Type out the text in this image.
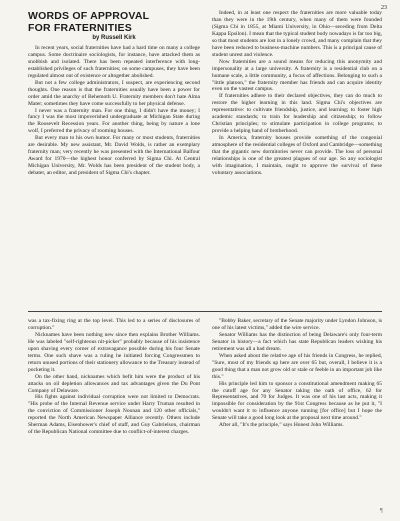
23
WORDS OF APPROVAL
FOR FRATERNITIES
by Russell Kirk

In recent years, social fraternities have had a hard time on many a college campus. Some doctrinaire sociologists, for instance, have attacked them as snobbish and isolated. There has been repeated interference with long-established privileges of such fraternities; on some campuses, they have been regulated almost out of existence or altogether abolished.

But not a few college administrators, I suspect, are experiencing second thoughts. One reason is that the fraternities usually have been a power for order amid the anarchy of Behemoth U. Fraternity members don't hate Alma Mater; sometimes they have come successfully to her physical defense.

I never was a fraternity man. For one thing, I didn't have the money; I fancy I was the most impoverished undergraduate at Michigan State during the Roosevelt Recession years. For another thing, being by nature a lone wolf, I preferred the privacy of rooming houses.

But every man to his own humor. For many or most students, fraternities are desirable. My new assistant, Mr. David Wolds, is rather an exemplary fraternity man; very recently he was presented with the International Balfour Award for 1970—the highest honor conferred by Sigma Chi. At Central Michigan University, Mr. Wolds has been president of the student body, a debater, an editor, and president of Sigma Chi's chapter.

Indeed, in at least one respect the fraternities are more valuable today than they were in the 19th century, when many of them were founded (Sigma Chi in 1855, at Miami University, in Ohio—seceding from Delta Kappa Epsilon). I mean that the typical student body nowadays is far too big, so that most students are lost in a lonely crowd, and many complain that they have been reduced to business-machine numbers. This is a principal cause of student unrest and violence.

Now fraternities are a sound means for reducing this anonymity and impersonality at a large university. A fraternity is a residential club on a humane scale, a little community, a focus of affections. Belonging to such a "little platoon," the fraternity member has friends and can acquire identity even on the vastest campus.

If fraternities adhere to their declared objectives, they can do much to restore the higher learning in this land. Sigma Chi's objectives are representative: to cultivate friendship, justice, and learning; to foster high academic standards; to train for leadership and citizenship; to follow Christian principles; to stimulate participation in college programs; to provide a helping hand of brotherhood.

In America, fraternity houses provide something of the congenial atmosphere of the residential colleges of Oxford and Cambridge—something that the gigantic new dormitories never can provide. The loss of personal relationships is one of the greatest plagues of our age. So any sociologist with imagination, I maintain, ought to approve the survival of these voluntary associations.

was a tax-fixing ring at the top level. This led to a series of disclosures of corruption."

Nicknames have been nothing new since then explains Brother Williams. He was labeled "self-righteous nit-picker" probably because of his insistence upon shaving every corner of extravagance possible during his four Senate terms. One such shave was a ruling he initiated forcing Congressmen to return unused portions of their stationery allowance to the Treasury instead of pocketing it.

On the other hand, nicknames which befit him were the product of his attacks on oil depletion allowances and tax advantages given the Du Pont Company of Delaware.

His fights against individual corruption were not limited to Democrats. "His probe of the Internal Revenue service under Harry Truman resulted in the conviction of Commissioner Joseph Noonan and 120 other officials," reported the North American Newspaper Alliance recently. Others include Sherman Adams, Eisenhower's chief of staff, and Guy Gabrielson, chairman of the Republican National committee due to conflict-of-interest charges.

"Bobby Baker, secretary of the Senate majority under Lyndon Johnson, is one of his latest victims," added the wire service.

Senator Williams has the distinction of being Delaware's only four-term Senator in history—a fact which has state Republican leaders wishing his retirement was all a bad dream.

When asked about the relative age of his friends in Congress, he replied, "Sure, most of my friends up here are over 65 but, overall, I believe it is a good thing that a man not grow old or stale or feeble in an important job like this."

His principle led him to sponsor a constitutional amendment making 65 the cutoff age for any Senator taking the oath of office, 62 for Representatives, and 70 for Judges. It was one of his last acts, making it impossible for consideration by the 91st Congress because as he put it, "I wouldn't want it to influence anyone running [for office] but I hope the Senate will take a good long look at the proposal next time around."

After all, "It's the principle," says Honest John Williams.

¶
